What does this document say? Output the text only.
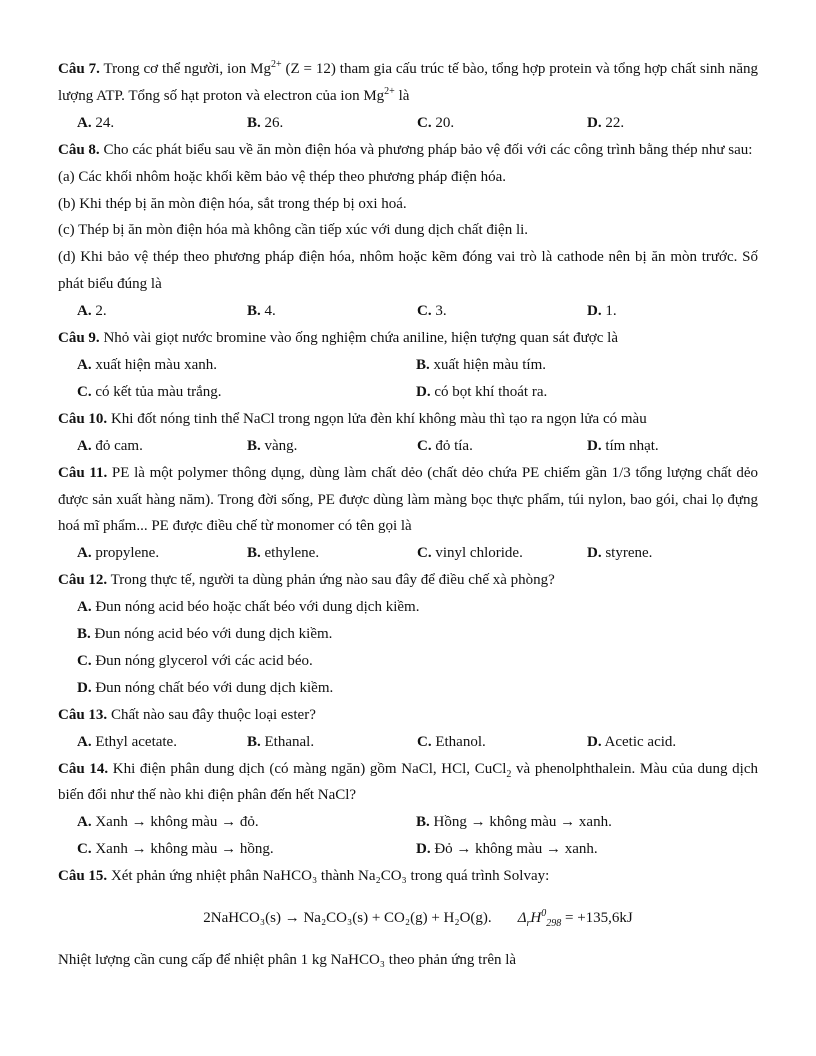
Câu 7. Trong cơ thể người, ion $Mg^{2+}$ (Z = 12) tham gia cấu trúc tế bào, tổng hợp protein và tổng hợp chất sinh năng lượng ATP. Tổng số hạt proton và electron của ion $Mg^{2+}$ là

A. 24.	B. 26.	C. 20.	D. 22.

Câu 8. Cho các phát biểu sau về ăn mòn điện hóa và phương pháp bảo vệ đối với các công trình bằng thép như sau:

(a) Các khối nhôm hoặc khối kẽm bảo vệ thép theo phương pháp điện hóa.

(b) Khi thép bị ăn mòn điện hóa, sắt trong thép bị oxi hoá.

(c) Thép bị ăn mòn điện hóa mà không cần tiếp xúc với dung dịch chất điện li.

(d) Khi bảo vệ thép theo phương pháp điện hóa, nhôm hoặc kẽm đóng vai trò là cathode nên bị ăn mòn trước. Số phát biểu đúng là

A. 2.	B. 4.	C. 3.	D. 1.

Câu 9. Nhỏ vài giọt nước bromine vào ống nghiệm chứa aniline, hiện tượng quan sát được là

A. xuất hiện màu xanh.	B. xuất hiện màu tím.
C. có kết tủa màu trắng.	D. có bọt khí thoát ra.

Câu 10. Khi đốt nóng tinh thể NaCl trong ngọn lửa đèn khí không màu thì tạo ra ngọn lửa có màu

A. đỏ cam.	B. vàng.	C. đỏ tía.	D. tím nhạt.

Câu 11. PE là một polymer thông dụng, dùng làm chất dẻo (chất dẻo chứa PE chiếm gần 1/3 tổng lượng chất dẻo được sản xuất hàng năm). Trong đời sống, PE được dùng làm màng bọc thực phẩm, túi nylon, bao gói, chai lọ đựng hoá mĩ phẩm... PE được điều chế từ monomer có tên gọi là

A. propylene.	B. ethylene.	C. vinyl chloride.	D. styrene.

Câu 12. Trong thực tế, người ta dùng phản ứng nào sau đây để điều chế xà phòng?

A. Đun nóng acid béo hoặc chất béo với dung dịch kiềm.
B. Đun nóng acid béo với dung dịch kiềm.
C. Đun nóng glycerol với các acid béo.
D. Đun nóng chất béo với dung dịch kiềm.

Câu 13. Chất nào sau đây thuộc loại ester?

A. Ethyl acetate.	B. Ethanal.	C. Ethanol.	D. Acetic acid.

Câu 14. Khi điện phân dung dịch (có màng ngăn) gồm NaCl, HCl, CuCl$_2$ và phenolphthalein. Màu của dung dịch biến đổi như thế nào khi điện phân đến hết NaCl?

A. Xanh → không màu → đỏ.	B. Hồng → không màu → xanh.
C. Xanh → không màu → hồng.	D. Đỏ → không màu → xanh.

Câu 15. Xét phản ứng nhiệt phân NaHCO₃ thành Na₂CO₃ trong quá trình Solvay:

2NaHCO₃(s) → Na₂CO₃(s) + CO₂(g) + H₂O(g). $\Delta_rH^0_{298} = +135,6kJ$

Nhiệt lượng cần cung cấp để nhiệt phân 1 kg NaHCO₃ theo phản ứng trên là
